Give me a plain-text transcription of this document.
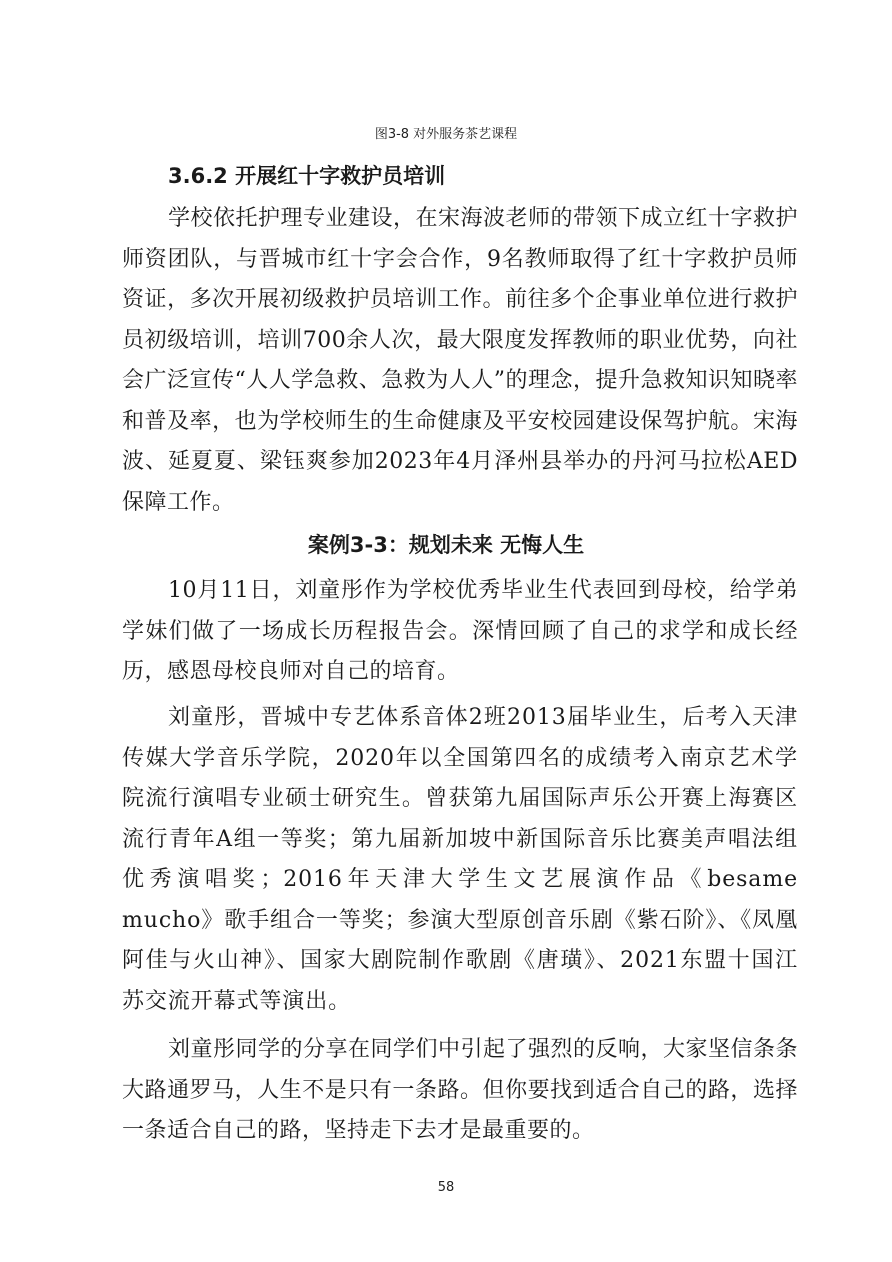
图3-8 对外服务茶艺课程
3.6.2 开展红十字救护员培训

学校依托护理专业建设，在宋海波老师的带领下成立红十字救护师资团队，与晋城市红十字会合作，9名教师取得了红十字救护员师资证，多次开展初级救护员培训工作。前往多个企事业单位进行救护员初级培训，培训700余人次，最大限度发挥教师的职业优势，向社会广泛宣传“人人学急救、急救为人人”的理念，提升急救知识知晓率和普及率，也为学校师生的生命健康及平安校园建设保驾护航。宋海波、延夏夏、梁钰爽参加2023年4月泽州县举办的丹河马拉松AED保障工作。

案例3-3：规划未来 无悔人生

10月11日，刘童彤作为学校优秀毕业生代表回到母校，给学弟学妹们做了一场成长历程报告会。深情回顾了自己的求学和成长经历，感恩母校良师对自己的培育。

刘童彤，晋城中专艺体系音体2班2013届毕业生，后考入天津传媒大学音乐学院，2020年以全国第四名的成绩考入南京艺术学院流行演唱专业硕士研究生。曾获第九届国际声乐公开赛上海赛区流行青年A组一等奖；第九届新加坡中新国际音乐比赛美声唱法组优秀演唱奖；2016年天津大学生文艺展演作品《besame mucho》歌手组合一等奖；参演大型原创音乐剧《紫石阶》、《凤凰阿佳与火山神》、国家大剧院制作歌剧《唐璜》、2021东盟十国江苏交流开幕式等演出。

刘童彤同学的分享在同学们中引起了强烈的反响，大家坚信条条大路通罗马，人生不是只有一条路。但你要找到适合自己的路，选择一条适合自己的路，坚持走下去才是最重要的。

58
